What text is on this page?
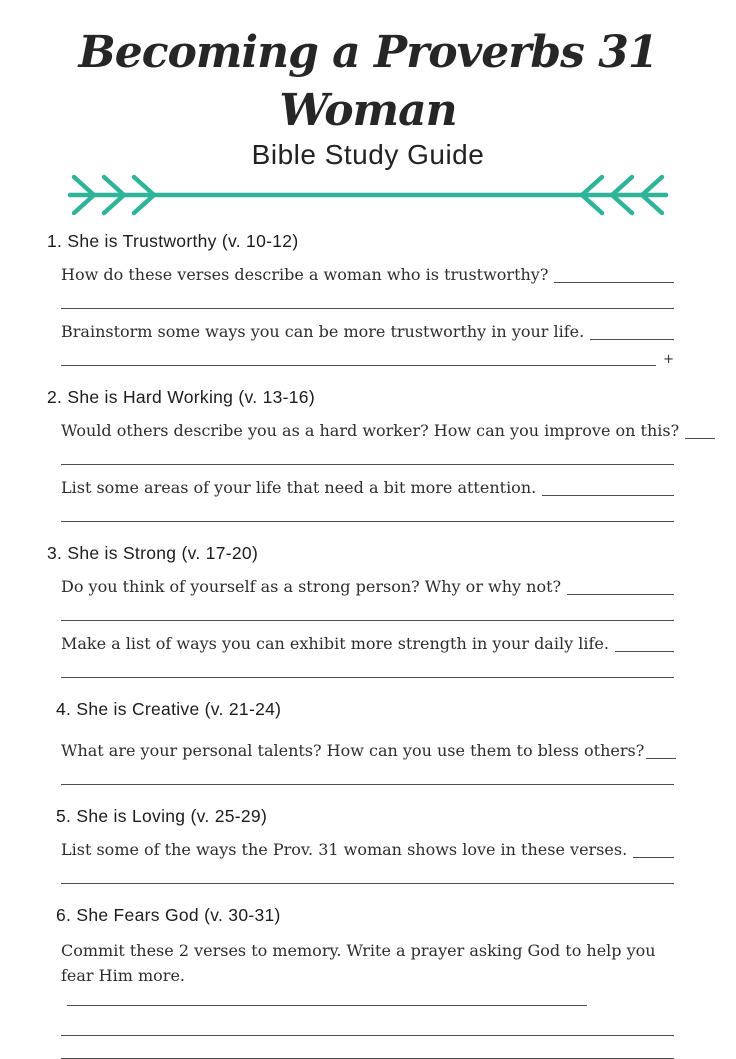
Becoming a Proverbs 31 Woman
Bible Study Guide
1. She is Trustworthy (v. 10-12)
How do these verses describe a woman who is trustworthy?
Brainstorm some ways you can be more trustworthy in your life.
+
2. She is Hard Working (v. 13-16)
Would others describe you as a hard worker? How can you improve on this?
List some areas of your life that need a bit more attention.
3. She is Strong (v. 17-20)
Do you think of yourself as a strong person? Why or why not?
Make a list of ways you can exhibit more strength in your daily life.
4. She is Creative (v. 21-24)
What are your personal talents? How can you use them to bless others?
5. She is Loving (v. 25-29)
List some of the ways the Prov. 31 woman shows love in these verses.
6. She Fears God (v. 30-31)
Commit these 2 verses to memory. Write a prayer asking God to help you fear Him more.
